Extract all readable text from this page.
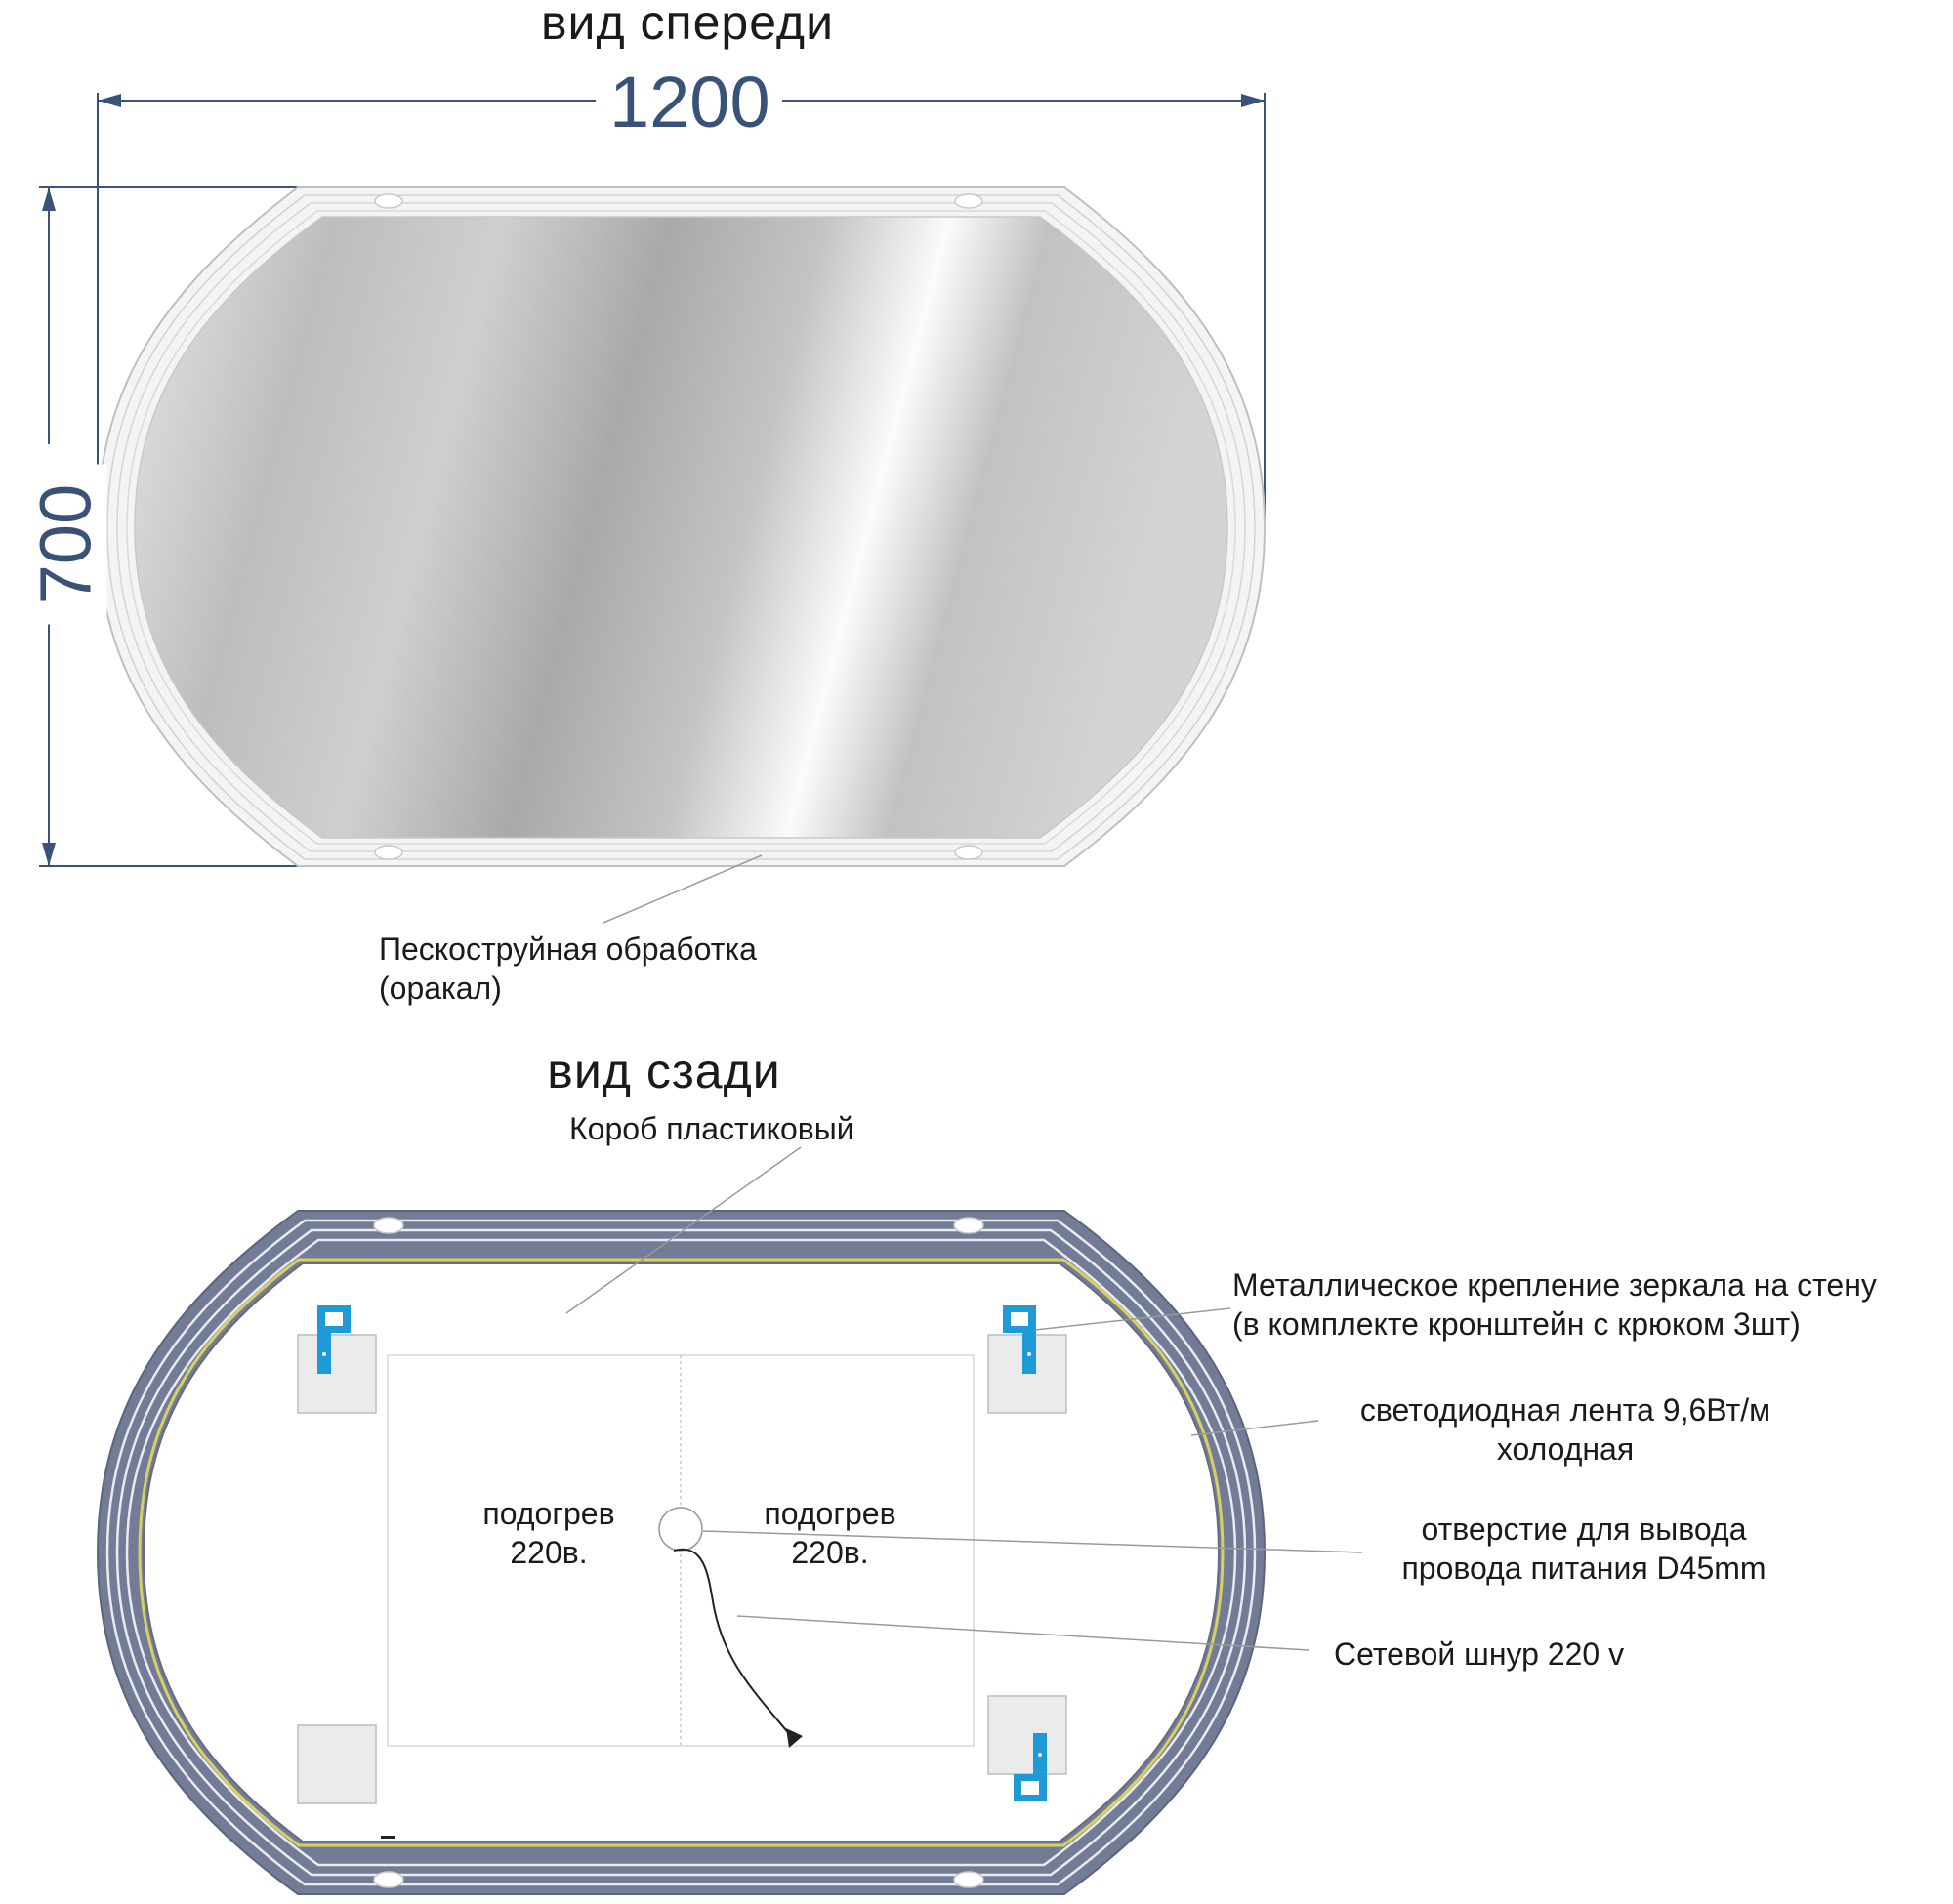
вид спереди
1200
700
Пескоструйная обработка
(оракал)
вид сзади
Короб пластиковый
Металлическое крепление зеркала на стену
(в комплекте кронштейн с крюком 3шт)
светодиодная лента 9,6Вт/м
холодная
отверстие для вывода
провода питания D45mm
Сетевой шнур 220 v
подогрев
220в.
подогрев
220в.
